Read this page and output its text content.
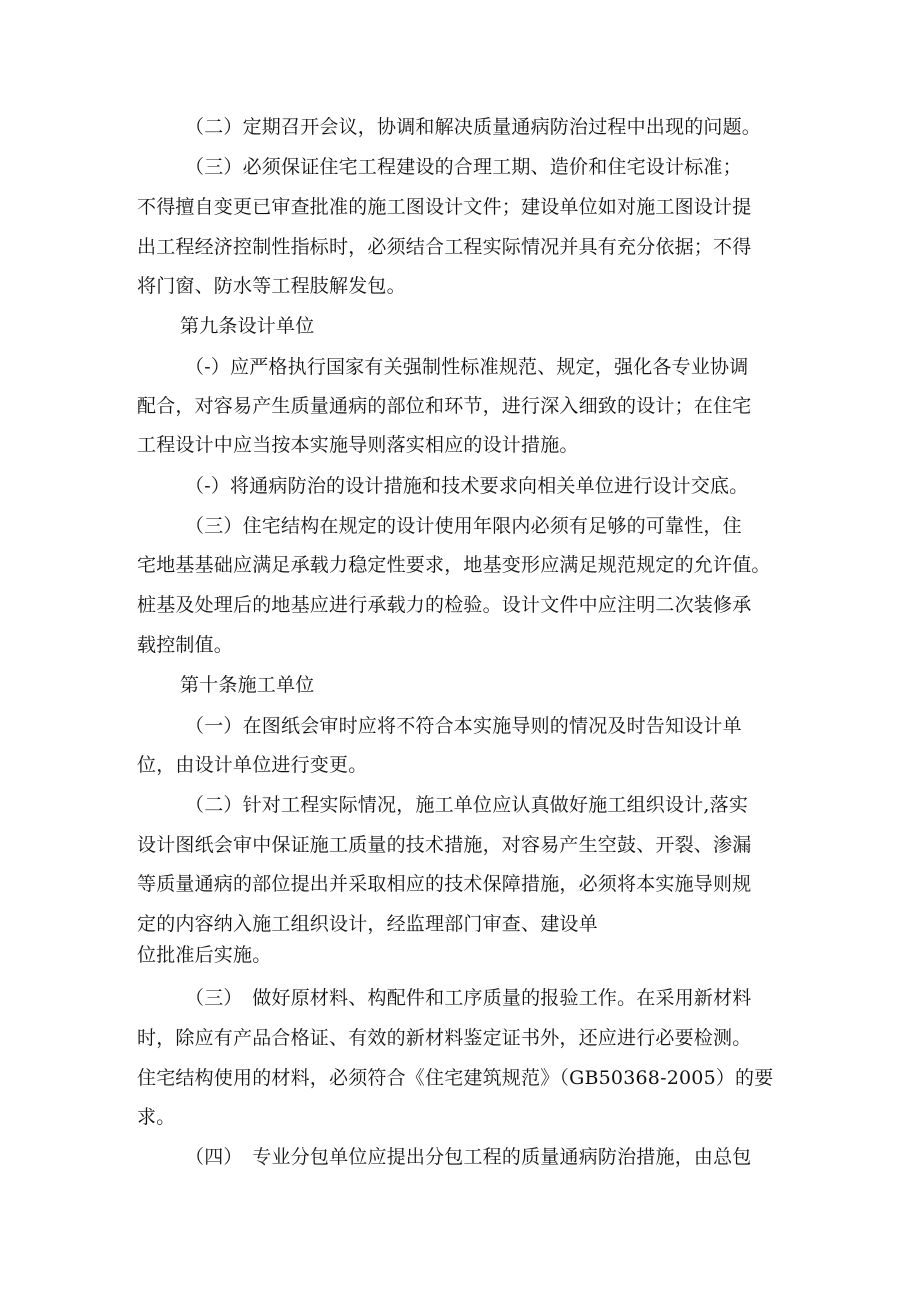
（二）定期召开会议，协调和解决质量通病防治过程中出现的问题。
（三）必须保证住宅工程建设的合理工期、造价和住宅设计标准；
不得擅自变更已审查批准的施工图设计文件；建设单位如对施工图设计提
出工程经济控制性指标时，必须结合工程实际情况并具有充分依据；不得
将门窗、防水等工程肢解发包。
第九条设计单位
（-）应严格执行国家有关强制性标准规范、规定，强化各专业协调
配合，对容易产生质量通病的部位和环节，进行深入细致的设计；在住宅
工程设计中应当按本实施导则落实相应的设计措施。
（-）将通病防治的设计措施和技术要求向相关单位进行设计交底。
（三）住宅结构在规定的设计使用年限内必须有足够的可靠性，住
宅地基基础应满足承载力稳定性要求，地基变形应满足规范规定的允许值。
桩基及处理后的地基应进行承载力的检验。设计文件中应注明二次装修承
载控制值。
第十条施工单位
（一）在图纸会审时应将不符合本实施导则的情况及时告知设计单
位，由设计单位进行变更。
（二）针对工程实际情况，施工单位应认真做好施工组织设计,落实
设计图纸会审中保证施工质量的技术措施，对容易产生空鼓、开裂、渗漏
等质量通病的部位提出并采取相应的技术保障措施，必须将本实施导则规
定的内容纳入施工组织设计，经监理部门审查、建设单
位批准后实施。
（三）　做好原材料、构配件和工序质量的报验工作。在采用新材料
时，除应有产品合格证、有效的新材料鉴定证书外，还应进行必要检测。
住宅结构使用的材料，必须符合《住宅建筑规范》（GB50368-2005）的要
求。
（四）　专业分包单位应提出分包工程的质量通病防治措施，由总包
